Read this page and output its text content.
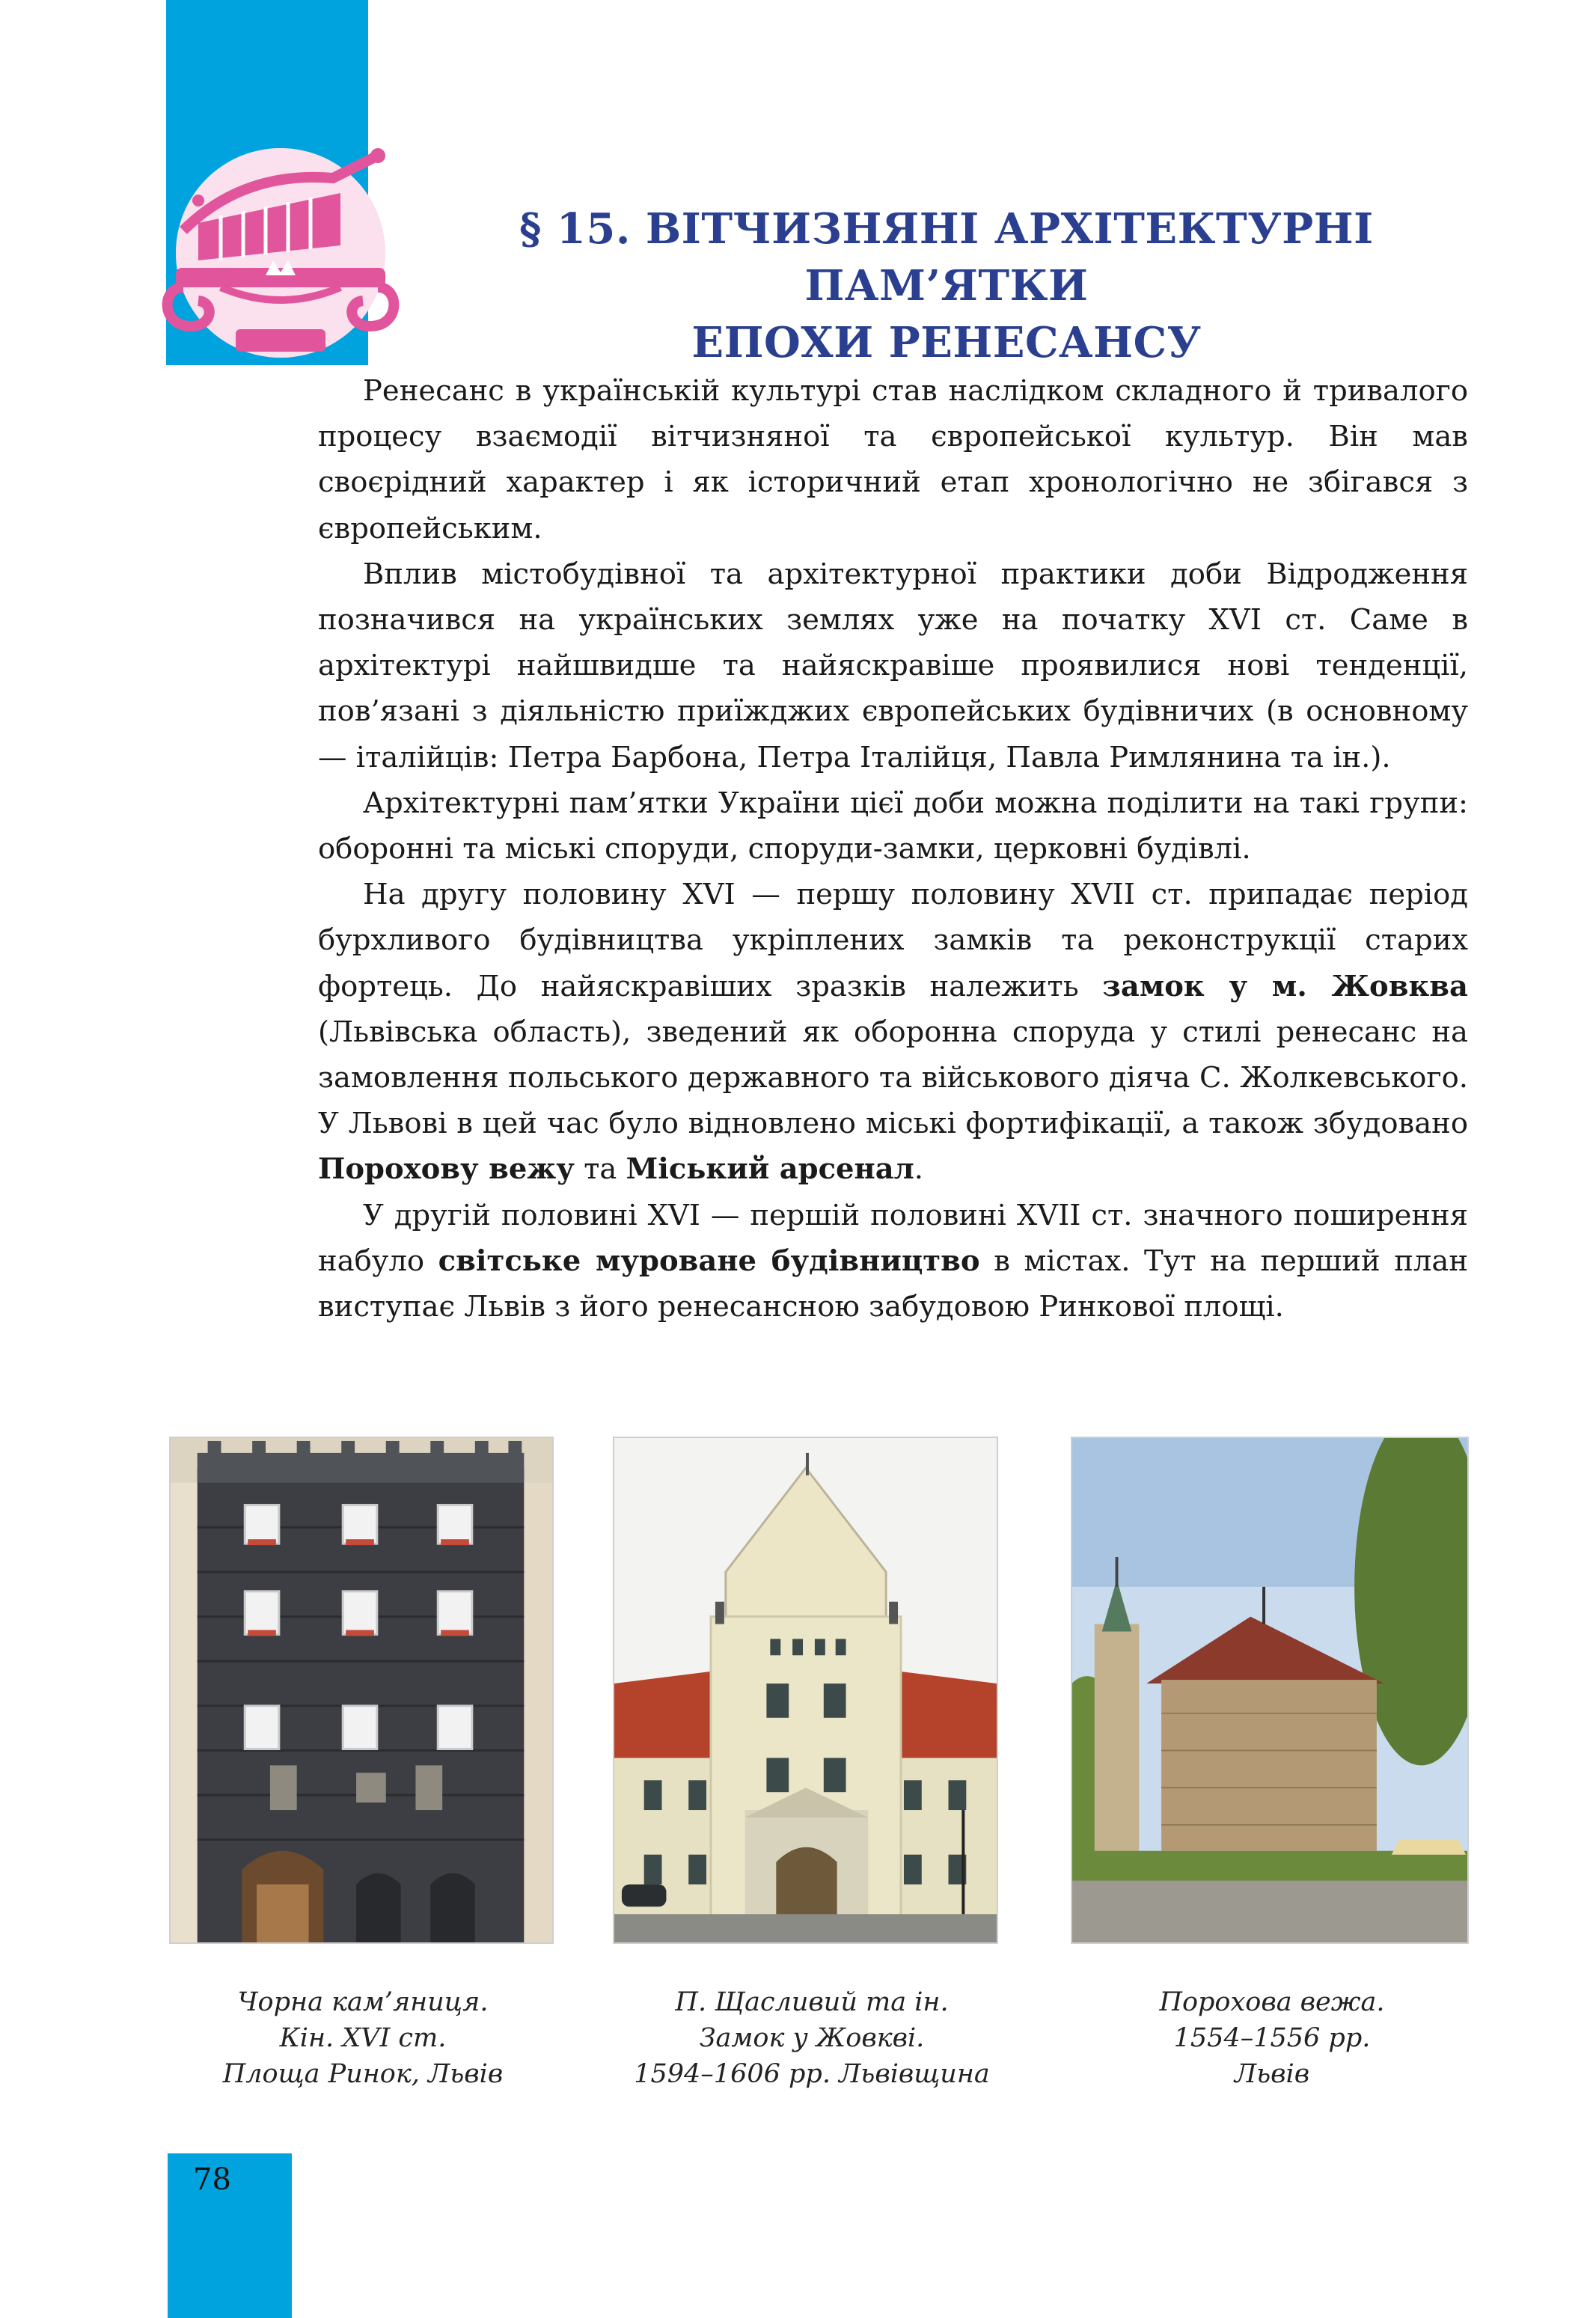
§ 15. ВІТЧИЗНЯНІ АРХІТЕКТУРНІ ПАМ’ЯТКИ
ЕПОХИ РЕНЕСАНСУ

Ренесанс в українській культурі став наслідком складного й тривалого процесу взаємодії вітчизняної та європейської культур. Він мав своєрідний характер і як історичний етап хронологічно не збігався з європейським.

Вплив містобудівної та архітектурної практики доби Відродження позначився на українських землях уже на початку XVI ст. Саме в архітектурі найшвидше та найяскравіше проявилися нові тенденції, пов’язані з діяльністю приїжджих європейських будівничих (в основному — італійців: Петра Барбона, Петра Італійця, Павла Римлянина та ін.).

Архітектурні пам’ятки України цієї доби можна поділити на такі групи: оборонні та міські споруди, споруди-замки, церковні будівлі.

На другу половину XVI — першу половину XVII ст. припадає період бурхливого будівництва укріплених замків та реконструкції старих фортець. До найяскравіших зразків належить замок у м. Жовква (Львівська область), зведений як оборонна споруда у стилі ренесанс на замовлення польського державного та військового діяча С. Жолкевського. У Львові в цей час було відновлено міські фортифікації, а також збудовано Порохову вежу та Міський арсенал.

У другій половині XVI — першій половині XVII ст. значного поширення набуло світське муроване будівництво в містах. Тут на перший план виступає Львів з його ренесансною забудовою Ринкової площі.

Чорна кам’яниця.
Кін. XVI ст.
Площа Ринок, Львів
П. Щасливий та ін.
Замок у Жовкві.
1594–1606 рр. Львівщина
Порохова вежа.
1554–1556 рр.
Львів
78
